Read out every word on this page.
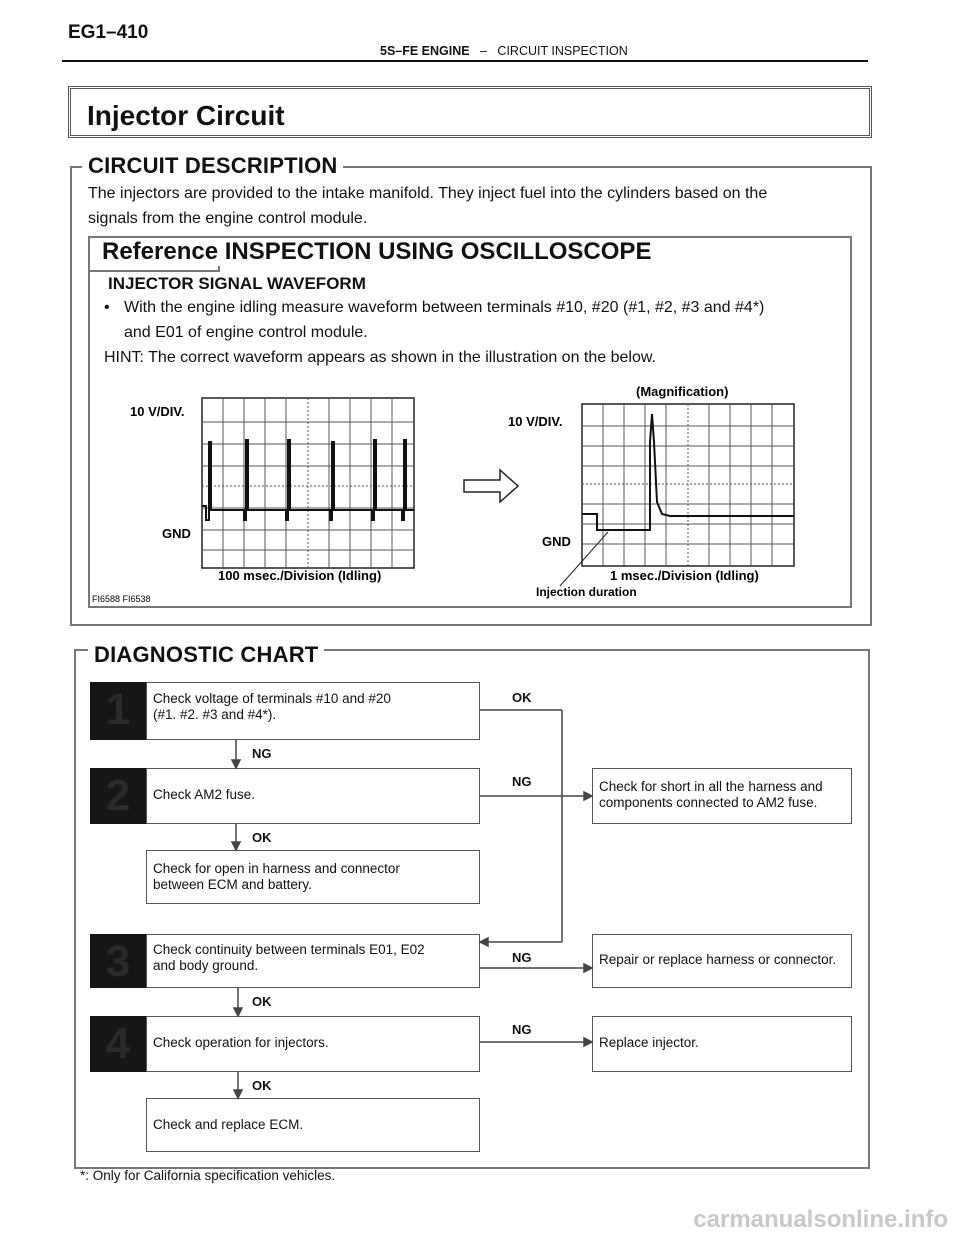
EG1–410
5S–FE ENGINE – CIRCUIT INSPECTION
Injector Circuit
CIRCUIT DESCRIPTION
The injectors are provided to the intake manifold. They inject fuel into the cylinders based on the
signals from the engine control module.
Reference INSPECTION USING OSCILLOSCOPE
INJECTOR SIGNAL WAVEFORM
• With the engine idling measure waveform between terminals #10, #20 (#1, #2, #3 and #4*)
and E01 of engine control module.
HINT: The correct waveform appears as shown in the illustration on the below.
10 V/DIV.
GND
100 msec./Division (Idling)
(Magnification)
10 V/DIV.
GND
1 msec./Division (Idling)
Injection duration
FI6588 FI6538
DIAGNOSTIC CHART
1	Check voltage of terminals #10 and #20
(#1. #2. #3 and #4*).
2	Check AM2 fuse.
Check for open in harness and connector
between ECM and battery.
3	Check continuity between terminals E01, E02
and body ground.
4	Check operation for injectors.
Check and replace ECM.
Check for short in all the harness and
components connected to AM2 fuse.
Repair or replace harness or connector.
Replace injector.
OK
NG
NG
OK
NG
OK
NG
OK
*: Only for California specification vehicles.
carmanualsonline.info
